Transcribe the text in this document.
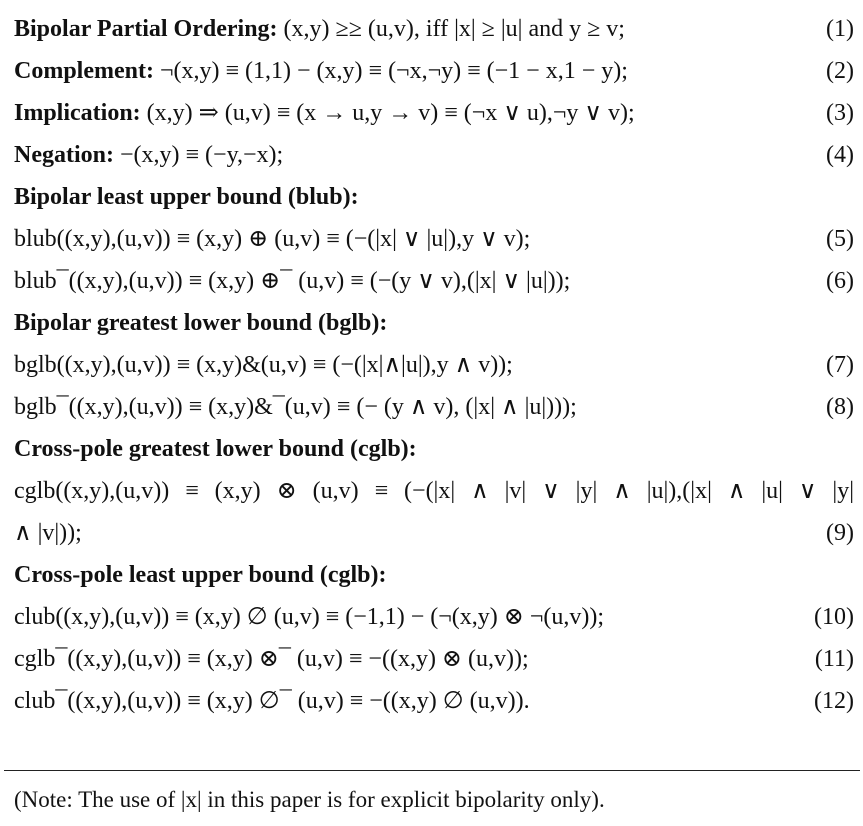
Bipolar Partial Ordering: (x,y) ≥≥ (u,v), iff |x| ≥ |u| and y ≥ v;	(1)
Complement: ¬(x,y) ≡ (1,1) − (x,y) ≡ (¬x,¬y) ≡ (−1 − x,1 − y);	(2)
Implication: (x,y) ⇒ (u,v) ≡ (x → u,y → v) ≡ (¬x ∨ u),¬y ∨ v);	(3)
Negation: −(x,y) ≡ (−y,−x);	(4)
Bipolar least upper bound (blub):
blub((x,y),(u,v)) ≡ (x,y) ⊕ (u,v) ≡ (−(|x| ∨ |u|),y ∨ v);	(5)
blub¯((x,y),(u,v)) ≡ (x,y) ⊕¯ (u,v) ≡ (−(y ∨ v),(|x| ∨ |u|));	(6)
Bipolar greatest lower bound (bglb):
bglb((x,y),(u,v)) ≡ (x,y)&(u,v) ≡ (−(|x|∧|u|),y ∧ v));	(7)
bglb¯((x,y),(u,v)) ≡ (x,y)&¯(u,v) ≡ (− (y ∧ v), (|x| ∧ |u|)));	(8)
Cross-pole greatest lower bound (cglb):
cglb((x,y),(u,v)) ≡ (x,y) ⊗ (u,v) ≡ (−(|x| ∧ |v| ∨ |y| ∧ |u|),(|x| ∧ |u| ∨ |y|
∧ |v|));	(9)
Cross-pole least upper bound (cglb):
club((x,y),(u,v)) ≡ (x,y) ∅ (u,v) ≡ (−1,1) − (¬(x,y) ⊗ ¬(u,v));	(10)
cglb¯((x,y),(u,v)) ≡ (x,y) ⊗¯ (u,v) ≡ −((x,y) ⊗ (u,v));	(11)
club¯((x,y),(u,v)) ≡ (x,y) ∅¯ (u,v) ≡ −((x,y) ∅ (u,v)).	(12)
(Note: The use of |x| in this paper is for explicit bipolarity only).
